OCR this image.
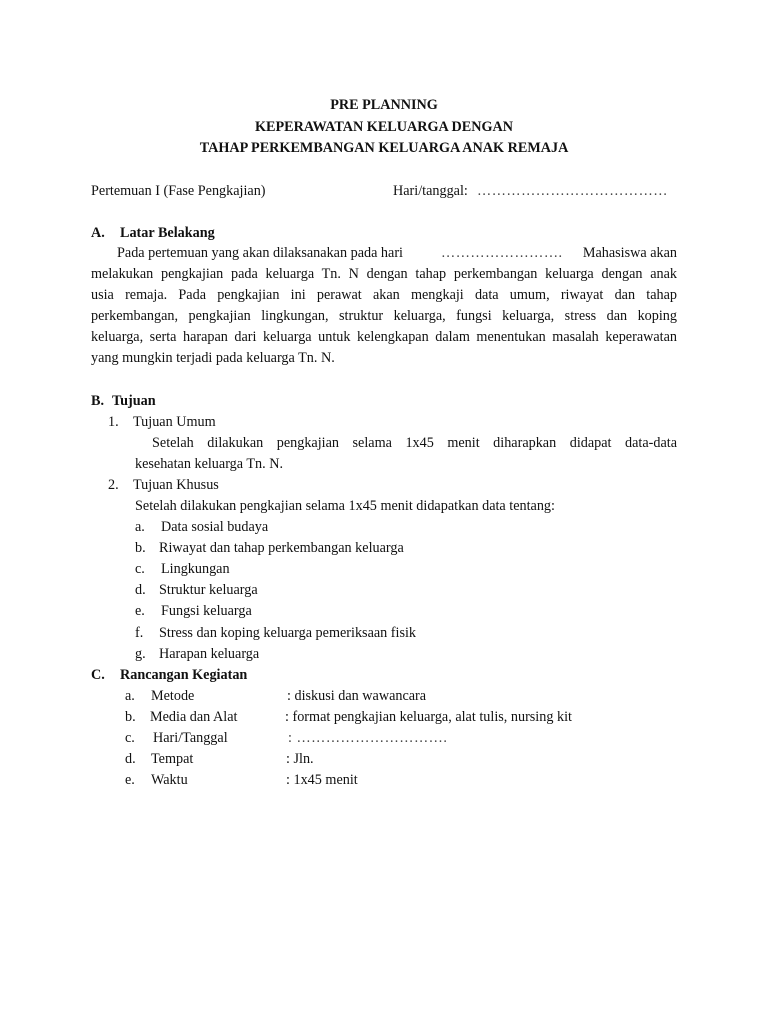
PRE PLANNING
KEPERAWATAN KELUARGA DENGAN
TAHAP PERKEMBANGAN KELUARGA ANAK REMAJA
Pertemuan I (Fase Pengkajian)	Hari/tanggal: …………………………………
A. Latar Belakang
Pada pertemuan yang akan dilaksanakan pada hari	……………………. Mahasiswa akan
melakukan pengkajian pada keluarga Tn. N dengan tahap perkembangan keluarga dengan anak
usia remaja. Pada pengkajian ini perawat akan mengkaji data umum, riwayat dan tahap
perkembangan, pengkajian lingkungan, struktur keluarga, fungsi keluarga, stress dan koping
keluarga, serta harapan dari keluarga untuk kelengkapan dalam menentukan masalah keperawatan
yang mungkin terjadi pada keluarga Tn. N.
B. Tujuan
1. Tujuan Umum
Setelah dilakukan pengkajian selama 1x45 menit diharapkan didapat data-data
kesehatan keluarga Tn. N.
2. Tujuan Khusus
Setelah dilakukan pengkajian selama 1x45 menit didapatkan data tentang:
a. Data sosial budaya
b. Riwayat dan tahap perkembangan keluarga
c. Lingkungan
d. Struktur keluarga
e. Fungsi keluarga
f. Stress dan koping keluarga pemeriksaan fisik
g. Harapan keluarga
C. Rancangan Kegiatan
a. Metode	: diskusi dan wawancara
b. Media dan Alat	: format pengkajian keluarga, alat tulis, nursing kit
c. Hari/Tanggal	: ………………………….
d. Tempat	: Jln.
e. Waktu	: 1x45 menit
